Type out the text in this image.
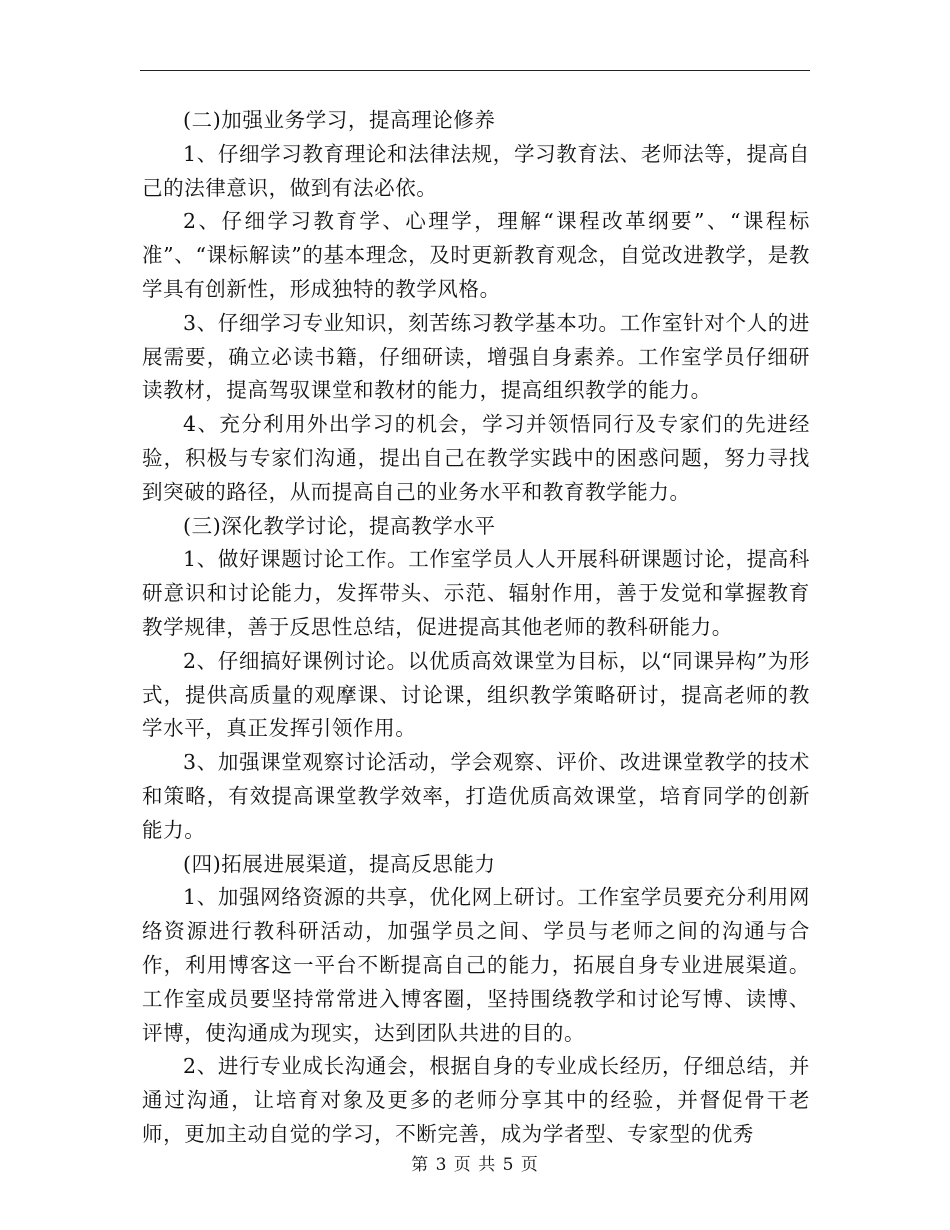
(二)加强业务学习，提高理论修养

1、仔细学习教育理论和法律法规，学习教育法、老师法等，提高自己的法律意识，做到有法必依。

2、仔细学习教育学、心理学，理解“课程改革纲要”、“课程标准”、“课标解读”的基本理念，及时更新教育观念，自觉改进教学，是教学具有创新性，形成独特的教学风格。

3、仔细学习专业知识，刻苦练习教学基本功。工作室针对个人的进展需要，确立必读书籍，仔细研读，增强自身素养。工作室学员仔细研读教材，提高驾驭课堂和教材的能力，提高组织教学的能力。

4、充分利用外出学习的机会，学习并领悟同行及专家们的先进经验，积极与专家们沟通，提出自己在教学实践中的困惑问题，努力寻找到突破的路径，从而提高自己的业务水平和教育教学能力。

(三)深化教学讨论，提高教学水平

1、做好课题讨论工作。工作室学员人人开展科研课题讨论，提高科研意识和讨论能力，发挥带头、示范、辐射作用，善于发觉和掌握教育教学规律，善于反思性总结，促进提高其他老师的教科研能力。

2、仔细搞好课例讨论。以优质高效课堂为目标，以“同课异构”为形式，提供高质量的观摩课、讨论课，组织教学策略研讨，提高老师的教学水平，真正发挥引领作用。

3、加强课堂观察讨论活动，学会观察、评价、改进课堂教学的技术和策略，有效提高课堂教学效率，打造优质高效课堂，培育同学的创新能力。

(四)拓展进展渠道，提高反思能力

1、加强网络资源的共享，优化网上研讨。工作室学员要充分利用网络资源进行教科研活动，加强学员之间、学员与老师之间的沟通与合作，利用博客这一平台不断提高自己的能力，拓展自身专业进展渠道。工作室成员要坚持常常进入博客圈，坚持围绕教学和讨论写博、读博、评博，使沟通成为现实，达到团队共进的目的。

2、进行专业成长沟通会，根据自身的专业成长经历，仔细总结，并通过沟通，让培育对象及更多的老师分享其中的经验，并督促骨干老师，更加主动自觉的学习，不断完善，成为学者型、专家型的优秀

第 3 页 共 5 页
